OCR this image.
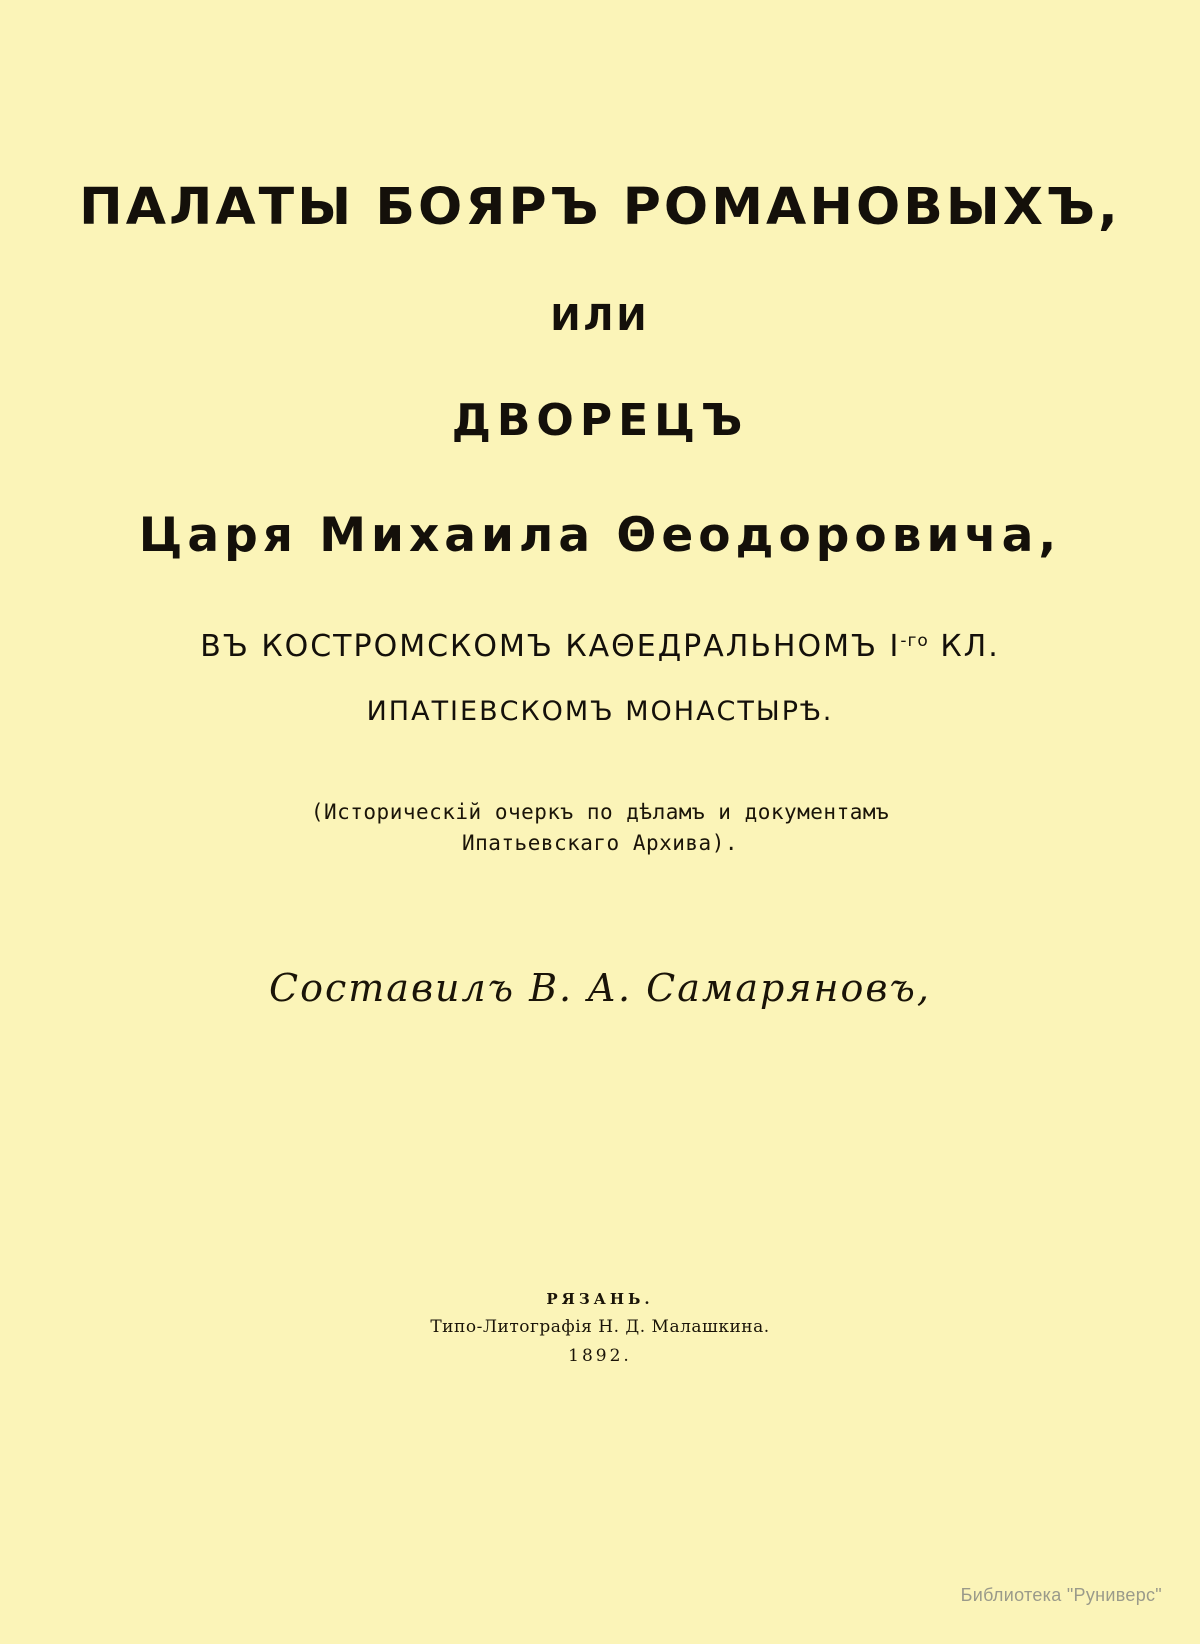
ПАЛАТЫ БОЯРЪ РОМАНОВЫХЪ,
ИЛИ
ДВОРЕЦЪ
Царя Михаила Θеодоровича,
ВЪ КОСТРОМСКОМЪ КАΘЕДРАЛЬНОМЪ $I^{-го}$ КЛ.
ИПАТIЕВСКОМЪ МОНАСТЫРѢ.
(Историческiй очеркъ по дѣламъ и документамъ
Ипатьевскаго Архива).
Составилъ В. А. Самаряновъ,
РЯЗАНЬ.
Типо-Литографiя Н. Д. Малашкина.
1892.
Библиотека "Руниверс"
